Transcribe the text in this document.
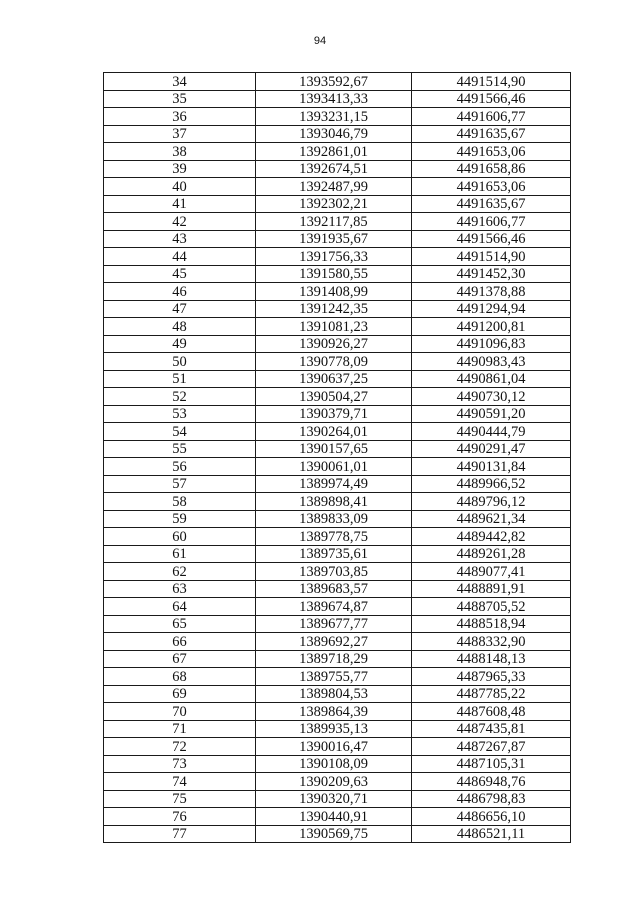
94
34	1393592,67	4491514,90
35	1393413,33	4491566,46
36	1393231,15	4491606,77
37	1393046,79	4491635,67
38	1392861,01	4491653,06
39	1392674,51	4491658,86
40	1392487,99	4491653,06
41	1392302,21	4491635,67
42	1392117,85	4491606,77
43	1391935,67	4491566,46
44	1391756,33	4491514,90
45	1391580,55	4491452,30
46	1391408,99	4491378,88
47	1391242,35	4491294,94
48	1391081,23	4491200,81
49	1390926,27	4491096,83
50	1390778,09	4490983,43
51	1390637,25	4490861,04
52	1390504,27	4490730,12
53	1390379,71	4490591,20
54	1390264,01	4490444,79
55	1390157,65	4490291,47
56	1390061,01	4490131,84
57	1389974,49	4489966,52
58	1389898,41	4489796,12
59	1389833,09	4489621,34
60	1389778,75	4489442,82
61	1389735,61	4489261,28
62	1389703,85	4489077,41
63	1389683,57	4488891,91
64	1389674,87	4488705,52
65	1389677,77	4488518,94
66	1389692,27	4488332,90
67	1389718,29	4488148,13
68	1389755,77	4487965,33
69	1389804,53	4487785,22
70	1389864,39	4487608,48
71	1389935,13	4487435,81
72	1390016,47	4487267,87
73	1390108,09	4487105,31
74	1390209,63	4486948,76
75	1390320,71	4486798,83
76	1390440,91	4486656,10
77	1390569,75	4486521,11
